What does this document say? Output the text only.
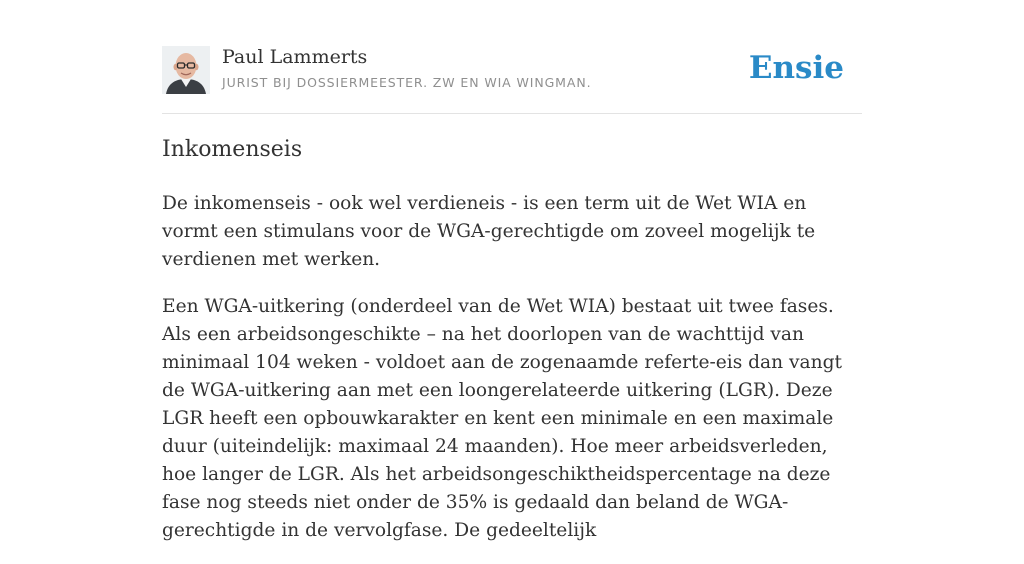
Paul Lammerts
JURIST BIJ DOSSIERMEESTER. ZW EN WIA WINGMAN.	Ensie
Inkomenseis

De inkomenseis - ook wel verdieneis - is een term uit de Wet WIA en vormt een stimulans voor de WGA-gerechtigde om zoveel mogelijk te verdienen met werken.

Een WGA-uitkering (onderdeel van de Wet WIA) bestaat uit twee fases. Als een arbeidsongeschikte – na het doorlopen van de wachttijd van minimaal 104 weken - voldoet aan de zogenaamde referte-eis dan vangt de WGA-uitkering aan met een loongerelateerde uitkering (LGR). Deze LGR heeft een opbouwkarakter en kent een minimale en een maximale duur (uiteindelijk: maximaal 24 maanden). Hoe meer arbeidsverleden, hoe langer de LGR. Als het arbeidsongeschiktheidspercentage na deze fase nog steeds niet onder de 35% is gedaald dan beland de WGA-gerechtigde in de vervolgfase. De gedeeltelijk
